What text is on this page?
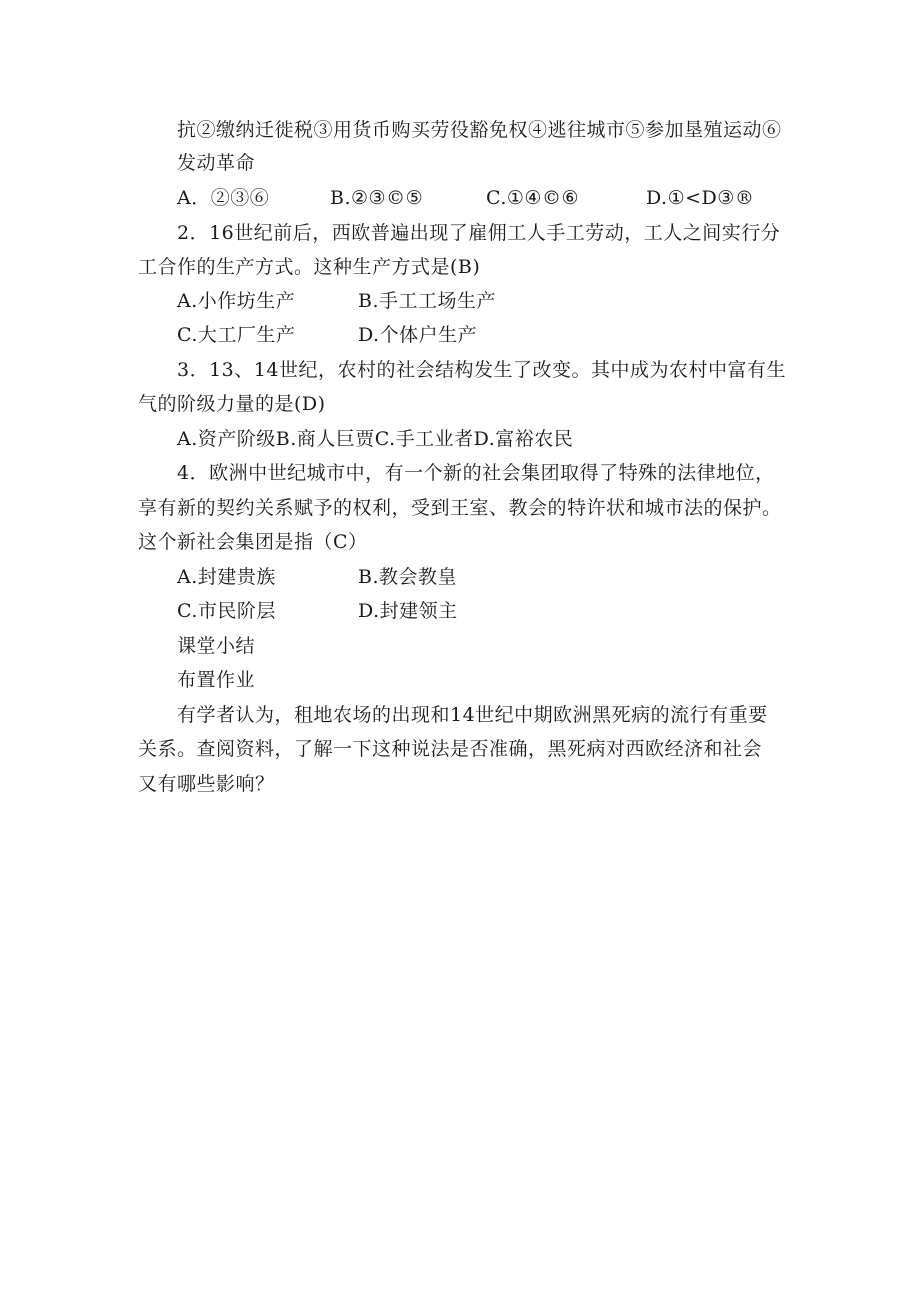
抗②缴纳迁徙税③用货币购买劳役豁免权④逃往城市⑤参加垦殖运动⑥
发动革命
A．②③⑥	B.②③©⑤	C.①④©⑥	D.①<D③®
2．16世纪前后，西欧普遍出现了雇佣工人手工劳动，工人之间实行分
工合作的生产方式。这种生产方式是(B)
A.小作坊生产	B.手工工场生产
C.大工厂生产	D.个体户生产
3．13、14世纪，农村的社会结构发生了改变。其中成为农村中富有生
气的阶级力量的是(D)
A.资产阶级B.商人巨贾C.手工业者D.富裕农民
4．欧洲中世纪城市中，有一个新的社会集团取得了特殊的法律地位，
享有新的契约关系赋予的权利，受到王室、教会的特许状和城市法的保护。
这个新社会集团是指（C）
A.封建贵族	B.教会教皇
C.市民阶层	D.封建领主
课堂小结
布置作业
有学者认为，租地农场的出现和14世纪中期欧洲黑死病的流行有重要
关系。查阅资料，了解一下这种说法是否准确，黑死病对西欧经济和社会
又有哪些影响？
